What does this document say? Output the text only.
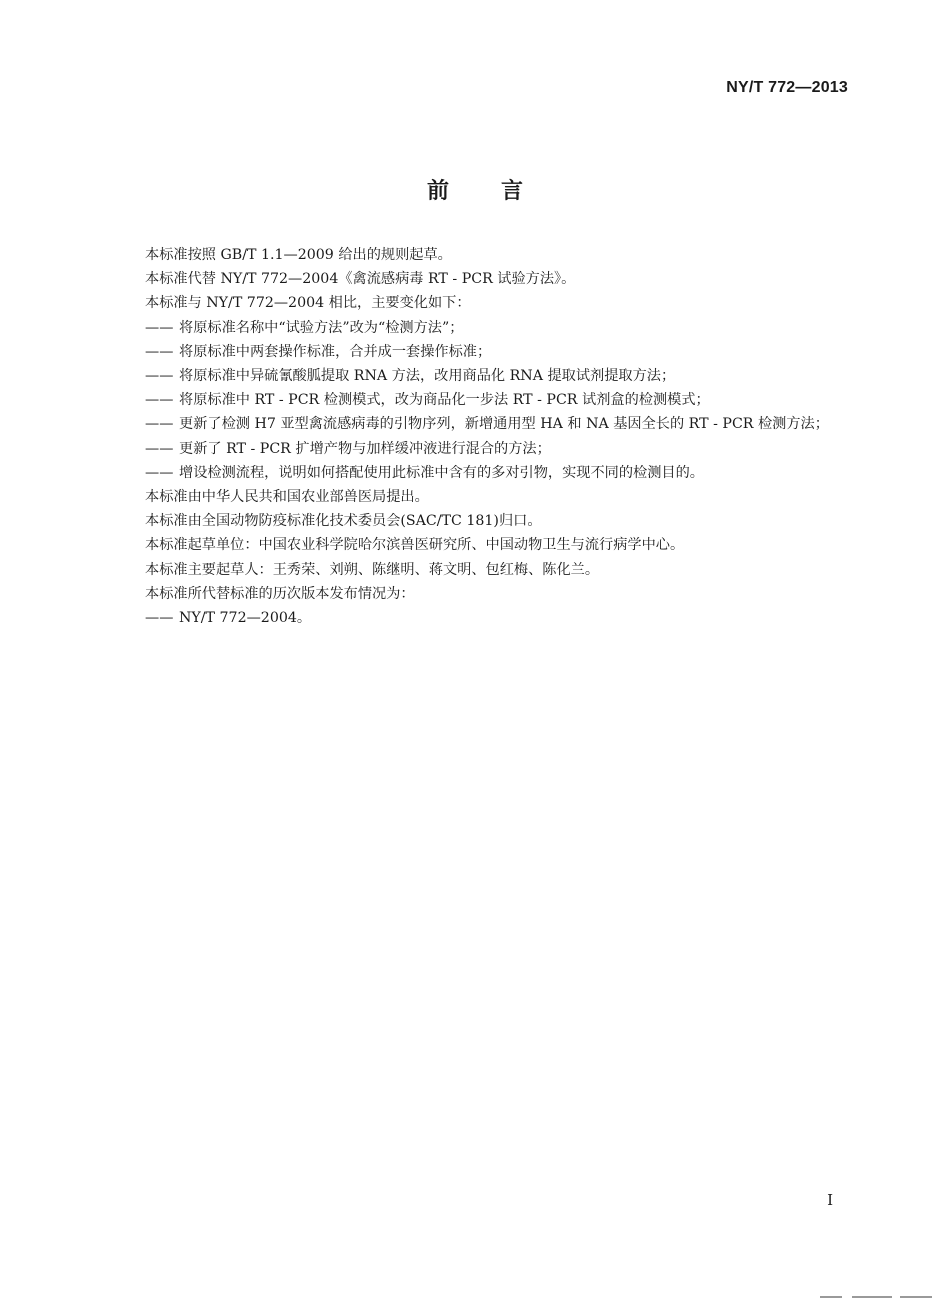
NY/T 772—2013
前言

本标准按照 GB/T 1.1—2009 给出的规则起草。

本标准代替 NY/T 772—2004《禽流感病毒 RT - PCR 试验方法》。

本标准与 NY/T 772—2004 相比，主要变化如下：

—— 将原标准名称中“试验方法”改为“检测方法”；

—— 将原标准中两套操作标准，合并成一套操作标准；

—— 将原标准中异硫氰酸胍提取 RNA 方法，改用商品化 RNA 提取试剂提取方法；

—— 将原标准中 RT - PCR 检测模式，改为商品化一步法 RT - PCR 试剂盒的检测模式；

—— 更新了检测 H7 亚型禽流感病毒的引物序列，新增通用型 HA 和 NA 基因全长的 RT - PCR 检测方法；

—— 更新了 RT - PCR 扩增产物与加样缓冲液进行混合的方法；

—— 增设检测流程，说明如何搭配使用此标准中含有的多对引物，实现不同的检测目的。

本标准由中华人民共和国农业部兽医局提出。

本标准由全国动物防疫标准化技术委员会(SAC/TC 181)归口。

本标准起草单位：中国农业科学院哈尔滨兽医研究所、中国动物卫生与流行病学中心。

本标准主要起草人：王秀荣、刘朔、陈继明、蒋文明、包红梅、陈化兰。

本标准所代替标准的历次版本发布情况为：

—— NY/T 772—2004。

I
